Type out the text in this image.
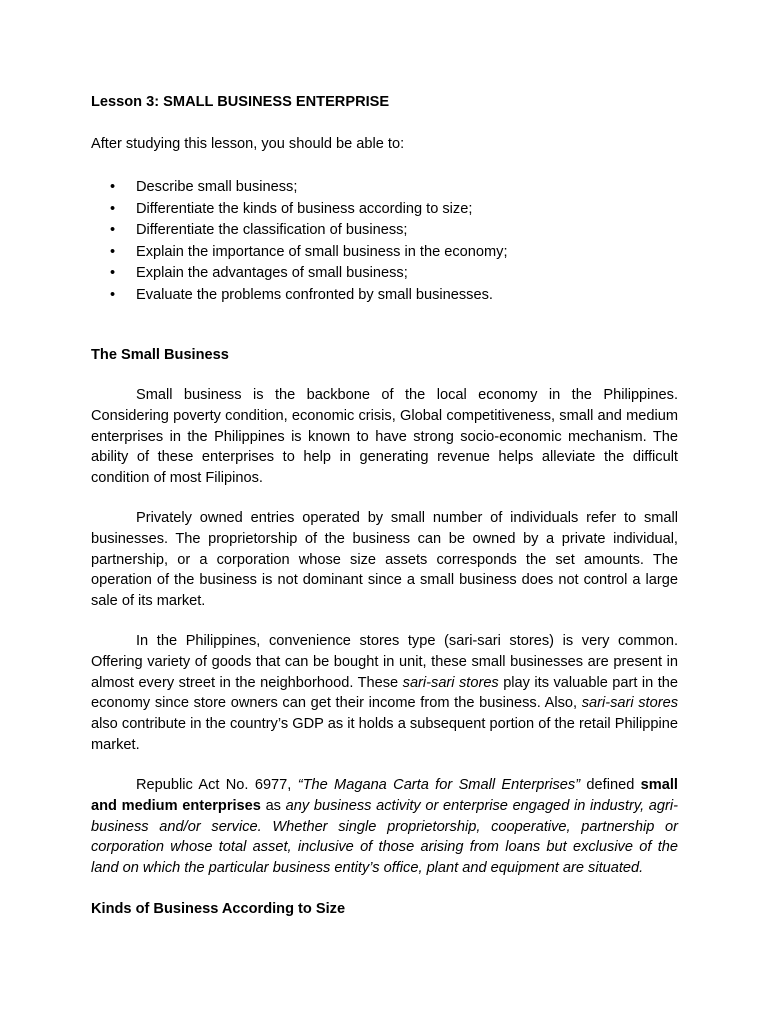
Lesson 3: SMALL BUSINESS ENTERPRISE

After studying this lesson, you should be able to:

• Describe small business;
• Differentiate the kinds of business according to size;
• Differentiate the classification of business;
• Explain the importance of small business in the economy;
• Explain the advantages of small business;
• Evaluate the problems confronted by small businesses.
The Small Business

Small business is the backbone of the local economy in the Philippines. Considering poverty condition, economic crisis, Global competitiveness, small and medium enterprises in the Philippines is known to have strong socio-economic mechanism. The ability of these enterprises to help in generating revenue helps alleviate the difficult condition of most Filipinos.

Privately owned entries operated by small number of individuals refer to small businesses. The proprietorship of the business can be owned by a private individual, partnership, or a corporation whose size assets corresponds the set amounts. The operation of the business is not dominant since a small business does not control a large sale of its market.

In the Philippines, convenience stores type (sari-sari stores) is very common. Offering variety of goods that can be bought in unit, these small businesses are present in almost every street in the neighborhood. These sari-sari stores play its valuable part in the economy since store owners can get their income from the business. Also, sari-sari stores also contribute in the country’s GDP as it holds a subsequent portion of the retail Philippine market.

Republic Act No. 6977, “The Magana Carta for Small Enterprises” defined small and medium enterprises as any business activity or enterprise engaged in industry, agri-business and/or service. Whether single proprietorship, cooperative, partnership or corporation whose total asset, inclusive of those arising from loans but exclusive of the land on which the particular business entity’s office, plant and equipment are situated.

Kinds of Business According to Size
